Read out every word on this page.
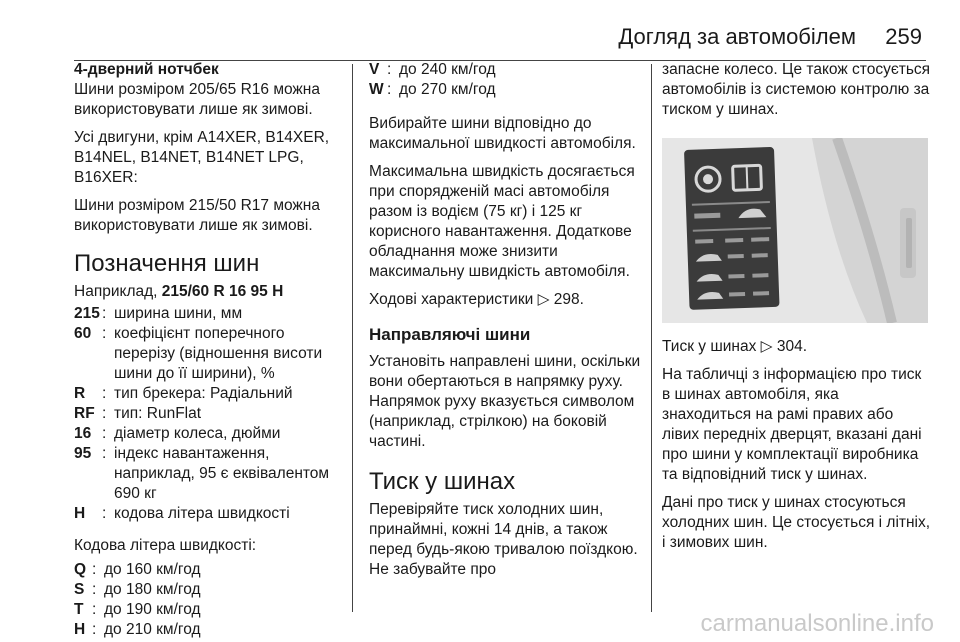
Догляд за автомобілем 259

4-дверний нотчбек
Шини розміром 205/65 R16 можна використовувати лише як зимові.

Усі двигуни, крім A14XER, B14XER, B14NEL, B14NET, B14NET LPG, B16XER:

Шини розміром 215/50 R17 можна використовувати лише як зимові.

Позначення шин

Наприклад, 215/60 R 16 95 H

215 : ширина шини, мм
60 : коефіцієнт поперечного перерізу (відношення висоти шини до її ширини), %
R	: тип брекера: Радіальний
RF : тип: RunFlat
16 : діаметр колеса, дюйми
95 : індекс навантаження, наприклад, 95 є еквівалентом 690 кг
H	: кодова літера швидкості

Кодова літера швидкості:

Q : до 160 км/год
S : до 180 км/год
T : до 190 км/год
H : до 210 км/год
V : до 240 км/год
W : до 270 км/год

Вибирайте шини відповідно до максимальної швидкості автомобіля.

Максимальна швидкість досягається при спорядженій масі автомобіля разом із водієм (75 кг) і 125 кг корисного навантаження. Додаткове обладнання може знизити максимальну швидкість автомобіля.

Ходові характеристики ▷ 298.

Направляючі шини

Установіть направлені шини, оскільки вони обертаються в напрямку руху. Напрямок руху вказується символом (наприклад, стрілкою) на боковій частині.

Тиск у шинах

Перевіряйте тиск холодних шин, принаймні, кожні 14 днів, а також перед будь-якою тривалою поїздкою. Не забувайте про

запасне колесо. Це також стосується автомобілів із системою контролю за тиском у шинах.

Тиск у шинах ▷ 304.

На табличці з інформацією про тиск в шинах автомобіля, яка знаходиться на рамі правих або лівих передніх дверцят, вказані дані про шини у комплектації виробника та відповідний тиск у шинах.

Дані про тиск у шинах стосуються холодних шин. Це стосується і літніх, і зимових шин.

carmanualsonline.info
